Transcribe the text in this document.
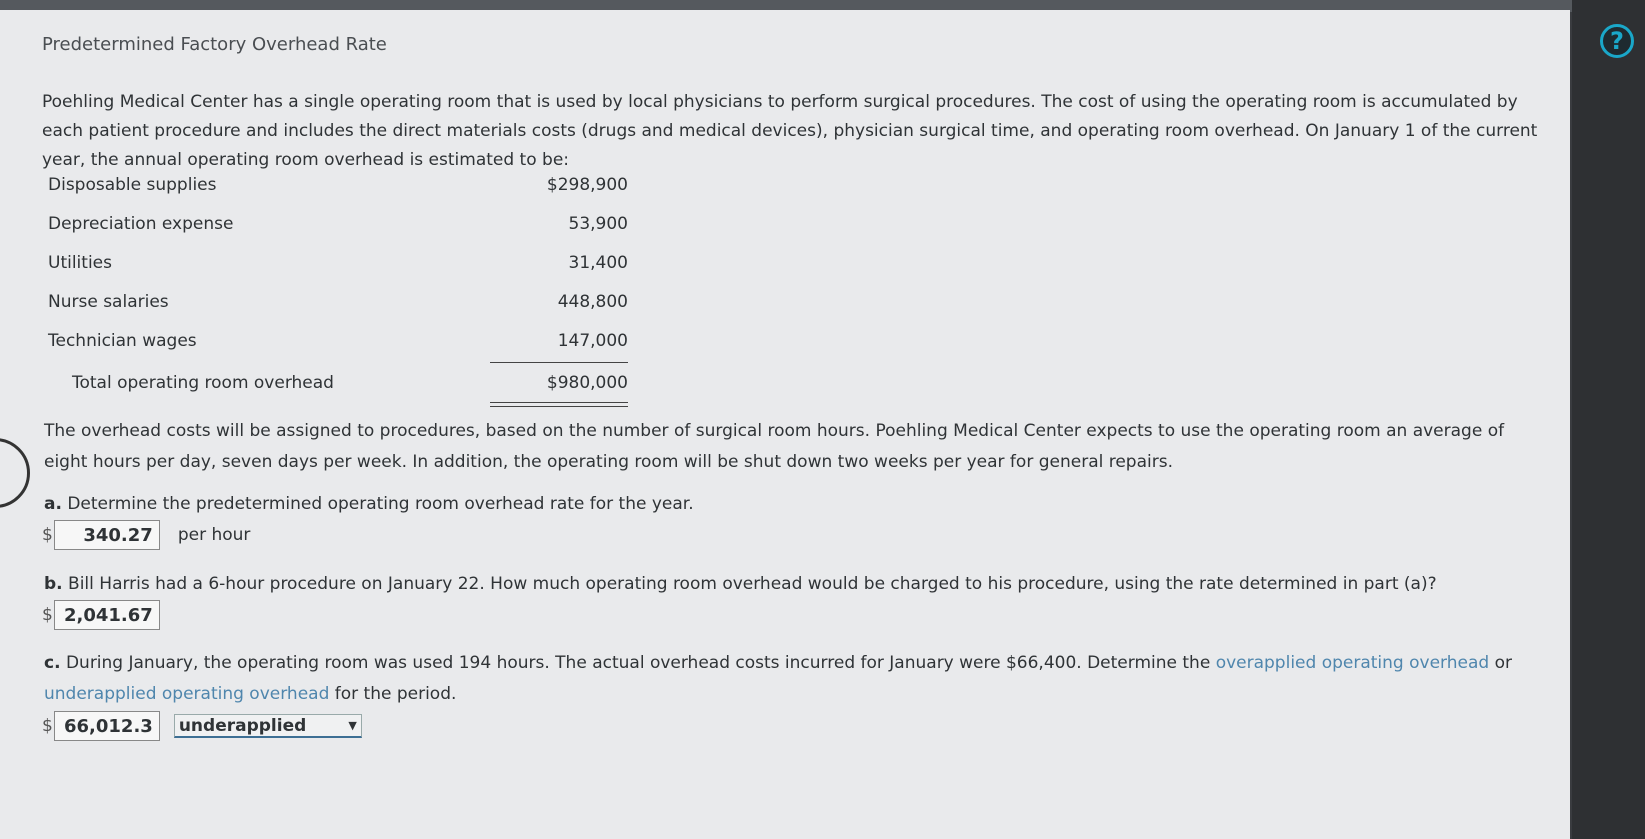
?
Predetermined Factory Overhead Rate
Poehling Medical Center has a single operating room that is used by local physicians to perform surgical procedures. The cost of using the operating room is accumulated by each patient procedure and includes the direct materials costs (drugs and medical devices), physician surgical time, and operating room overhead. On January 1 of the current year, the annual operating room overhead is estimated to be:
Disposable supplies	$298,900
Depreciation expense	53,900
Utilities	31,400
Nurse salaries	448,800
Technician wages	147,000
Total operating room overhead	$980,000
The overhead costs will be assigned to procedures, based on the number of surgical room hours. Poehling Medical Center expects to use the operating room an average of eight hours per day, seven days per week. In addition, the operating room will be shut down two weeks per year for general repairs.
a. Determine the predetermined operating room overhead rate for the year.
$	340.27	per hour
b. Bill Harris had a 6-hour procedure on January 22. How much operating room overhead would be charged to his procedure, using the rate determined in part (a)?
$ 2,041.67
c. During January, the operating room was used 194 hours. The actual overhead costs incurred for January were $66,400. Determine the overapplied operating overhead or underapplied operating overhead for the period.
$ 66,012.3	underapplied	▼
